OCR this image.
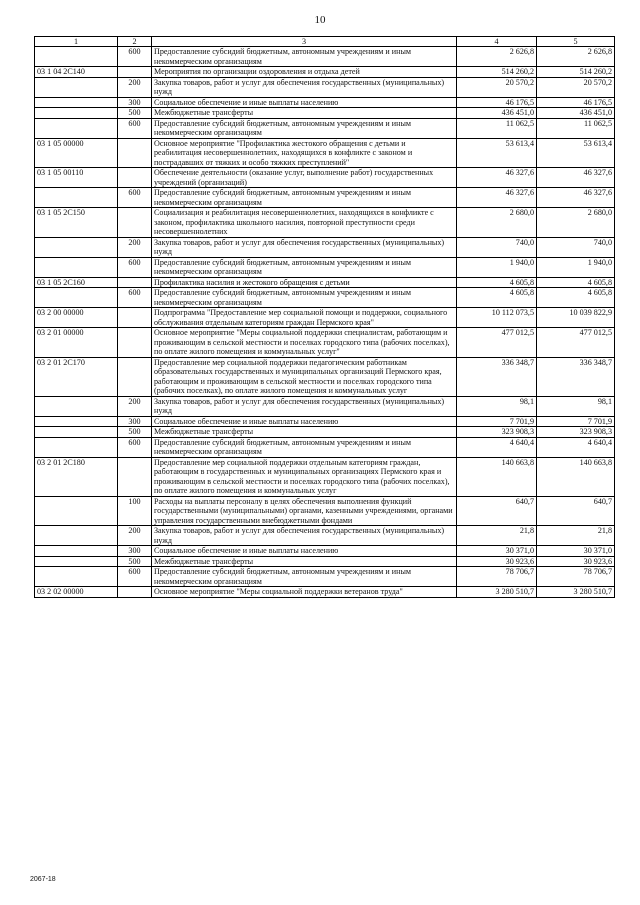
10
1	2	3	4	5
	600	Предоставление субсидий бюджетным, автономным учреждениям и иным некоммерческим организациям	2 626,8	2 626,8
03 1 04 2C140		Мероприятия по организации оздоровления и отдыха детей	514 260,2	514 260,2
	200	Закупка товаров, работ и услуг для обеспечения государственных (муниципальных) нужд	20 570,2	20 570,2
	300	Социальное обеспечение и иные выплаты населению	46 176,5	46 176,5
	500	Межбюджетные трансферты	436 451,0	436 451,0
	600	Предоставление субсидий бюджетным, автономным учреждениям и иным некоммерческим организациям	11 062,5	11 062,5
03 1 05 00000		Основное мероприятие "Профилактика жестокого обращения с детьми и реабилитация несовершеннолетних, находящихся в конфликте с законом и пострадавших от тяжких и особо тяжких преступлений"	53 613,4	53 613,4
03 1 05 00110		Обеспечение деятельности (оказание услуг, выполнение работ) государственных учреждений (организаций)	46 327,6	46 327,6
	600	Предоставление субсидий бюджетным, автономным учреждениям и иным некоммерческим организациям	46 327,6	46 327,6
03 1 05 2C150		Социализация и реабилитация несовершеннолетних, находящихся в конфликте с законом, профилактика школьного насилия, повторной преступности среди несовершеннолетних	2 680,0	2 680,0
	200	Закупка товаров, работ и услуг для обеспечения государственных (муниципальных) нужд	740,0	740,0
	600	Предоставление субсидий бюджетным, автономным учреждениям и иным некоммерческим организациям	1 940,0	1 940,0
03 1 05 2C160		Профилактика насилия и жестокого обращения с детьми	4 605,8	4 605,8
	600	Предоставление субсидий бюджетным, автономным учреждениям и иным некоммерческим организациям	4 605,8	4 605,8
03 2 00 00000		Подпрограмма "Предоставление мер социальной помощи и поддержки, социального обслуживания отдельным категориям граждан Пермского края"	10 112 073,5	10 039 822,9
03 2 01 00000		Основное мероприятие "Меры социальной поддержки специалистам, работающим и проживающим в сельской местности и поселках городского типа (рабочих поселках), по оплате жилого помещения и коммунальных услуг"	477 012,5	477 012,5
03 2 01 2C170		Предоставление мер социальной поддержки педагогическим работникам образовательных государственных и муниципальных организаций Пермского края, работающим и проживающим в сельской местности и поселках городского типа (рабочих поселках), по оплате жилого помещения и коммунальных услуг	336 348,7	336 348,7
	200	Закупка товаров, работ и услуг для обеспечения государственных (муниципальных) нужд	98,1	98,1
	300	Социальное обеспечение и иные выплаты населению	7 701,9	7 701,9
	500	Межбюджетные трансферты	323 908,3	323 908,3
	600	Предоставление субсидий бюджетным, автономным учреждениям и иным некоммерческим организациям	4 640,4	4 640,4
03 2 01 2C180		Предоставление мер социальной поддержки отдельным категориям граждан, работающим в государственных и муниципальных организациях Пермского края и проживающим в сельской местности и поселках городского типа (рабочих поселках), по оплате жилого помещения и коммунальных услуг	140 663,8	140 663,8
	100	Расходы на выплаты персоналу в целях обеспечения выполнения функций государственными (муниципальными) органами, казенными учреждениями, органами управления государственными внебюджетными фондами	640,7	640,7
	200	Закупка товаров, работ и услуг для обеспечения государственных (муниципальных) нужд	21,8	21,8
	300	Социальное обеспечение и иные выплаты населению	30 371,0	30 371,0
	500	Межбюджетные трансферты	30 923,6	30 923,6
	600	Предоставление субсидий бюджетным, автономным учреждениям и иным некоммерческим организациям	78 706,7	78 706,7
03 2 02 00000		Основное мероприятие "Меры социальной поддержки ветеранов труда"	3 280 510,7	3 280 510,7
2067-18
